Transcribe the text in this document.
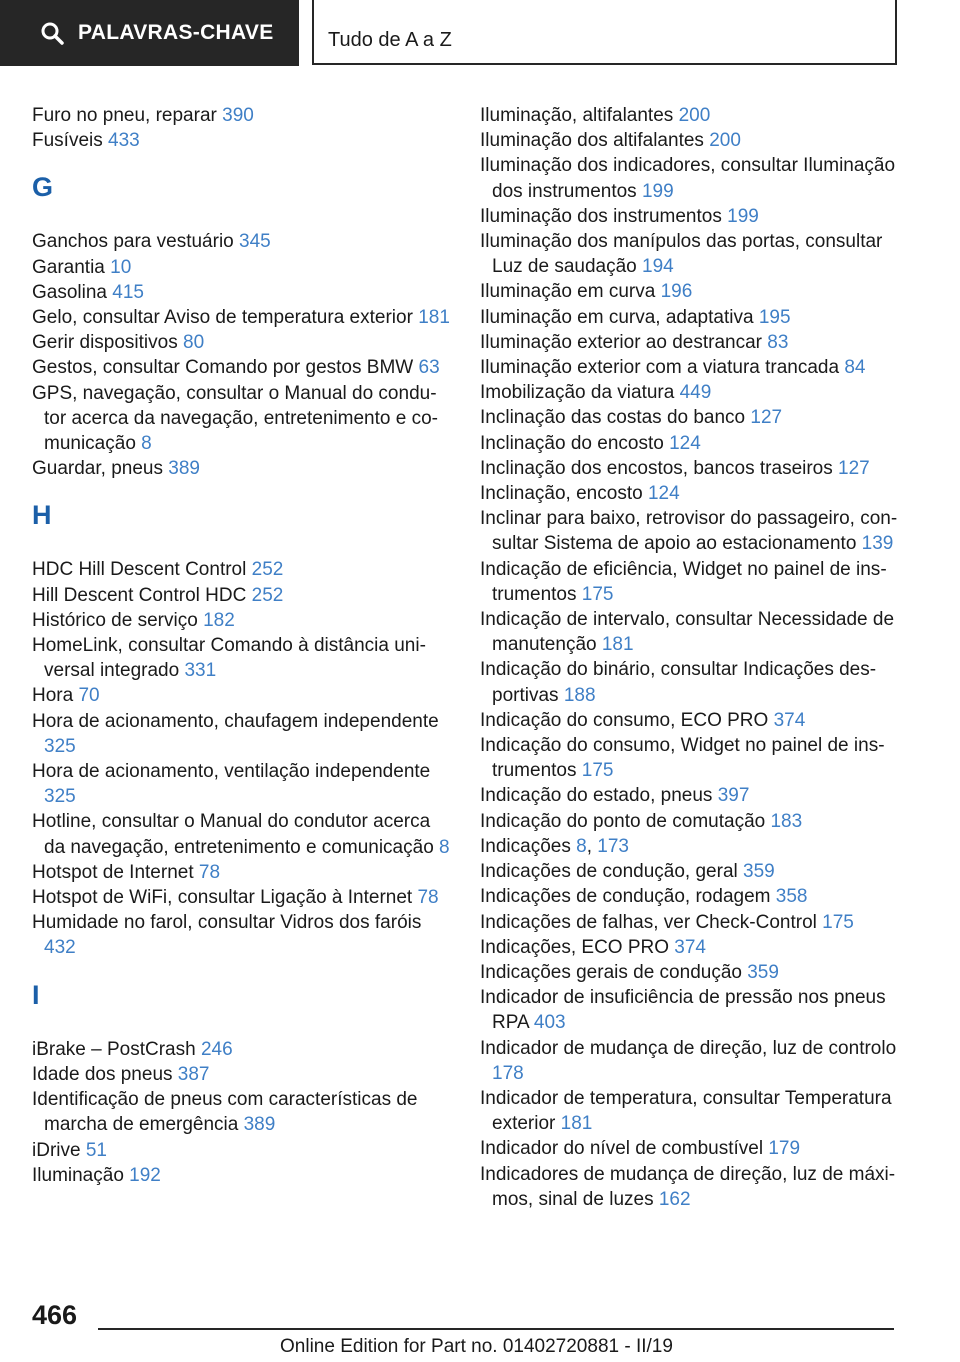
PALAVRAS-CHAVE	Tudo de A a Z
Furo no pneu, reparar 390
Fusíveis 433
G
Ganchos para vestuário 345
Garantia 10
Gasolina 415
Gelo, consultar Aviso de temperatura exterior 181
Gerir dispositivos 80
Gestos, consultar Comando por gestos BMW 63
GPS, navegação, consultar o Manual do condutor acerca da navegação, entretenimento e comunicação 8
Guardar, pneus 389
H
HDC Hill Descent Control 252
Hill Descent Control HDC 252
Histórico de serviço 182
HomeLink, consultar Comando à distância universal integrado 331
Hora 70
Hora de acionamento, chaufagem independente 325
Hora de acionamento, ventilação independente 325
Hotline, consultar o Manual do condutor acerca da navegação, entretenimento e comunicação 8
Hotspot de Internet 78
Hotspot de WiFi, consultar Ligação à Internet 78
Humidade no farol, consultar Vidros dos faróis 432
I
iBrake – PostCrash 246
Idade dos pneus 387
Identificação de pneus com características de marcha de emergência 389
iDrive 51
Iluminação 192
Iluminação, altifalantes 200
Iluminação dos altifalantes 200
Iluminação dos indicadores, consultar Iluminação dos instrumentos 199
Iluminação dos instrumentos 199
Iluminação dos manípulos das portas, consultar Luz de saudação 194
Iluminação em curva 196
Iluminação em curva, adaptativa 195
Iluminação exterior ao destrancar 83
Iluminação exterior com a viatura trancada 84
Imobilização da viatura 449
Inclinação das costas do banco 127
Inclinação do encosto 124
Inclinação dos encostos, bancos traseiros 127
Inclinação, encosto 124
Inclinar para baixo, retrovisor do passageiro, consultar Sistema de apoio ao estacionamento 139
Indicação de eficiência, Widget no painel de instrumentos 175
Indicação de intervalo, consultar Necessidade de manutenção 181
Indicação do binário, consultar Indicações desportivas 188
Indicação do consumo, ECO PRO 374
Indicação do consumo, Widget no painel de instrumentos 175
Indicação do estado, pneus 397
Indicação do ponto de comutação 183
Indicações 8, 173
Indicações de condução, geral 359
Indicações de condução, rodagem 358
Indicações de falhas, ver Check-Control 175
Indicações, ECO PRO 374
Indicações gerais de condução 359
Indicador de insuficiência de pressão nos pneus RPA 403
Indicador de mudança de direção, luz de controlo 178
Indicador de temperatura, consultar Temperatura exterior 181
Indicador do nível de combustível 179
Indicadores de mudança de direção, luz de máximos, sinal de luzes 162
466
Online Edition for Part no. 01402720881 - II/19
